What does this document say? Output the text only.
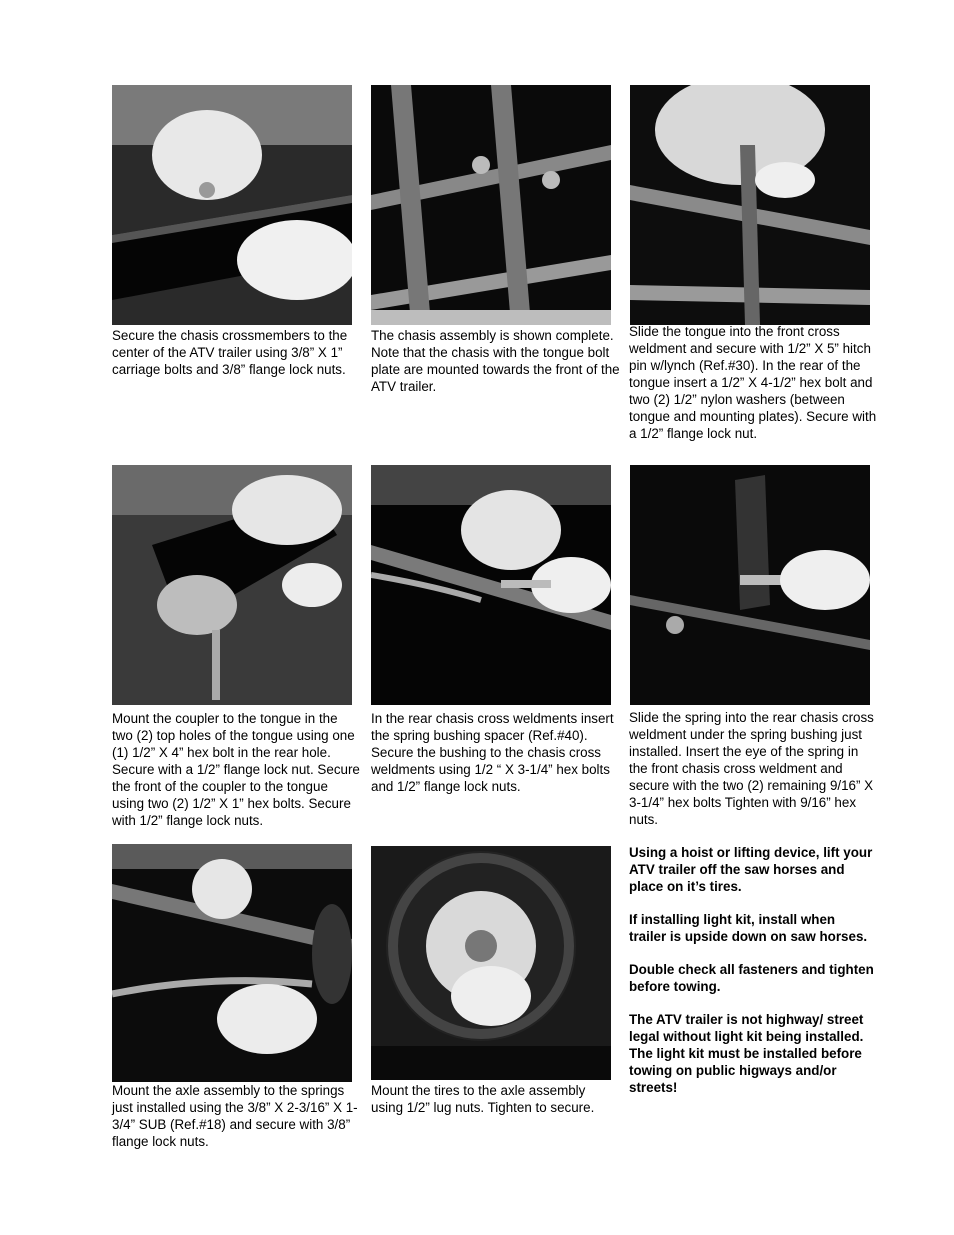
Secure the chasis crossmembers to the center of the ATV trailer using 3/8” X 1” carriage bolts and 3/8” flange lock nuts.

The chasis assembly is shown complete. Note that the chasis with the tongue bolt plate are mounted towards the front of the ATV trailer.

Slide the tongue into the front cross weldment and secure with 1/2” X 5” hitch pin w/lynch (Ref.#30). In the rear of the tongue insert a 1/2” X 4-1/2” hex bolt and two (2) 1/2” nylon washers (between tongue and mounting plates). Secure with a 1/2” flange lock nut.

Mount the coupler to the tongue in the two (2) top holes of the tongue using one (1) 1/2” X 4” hex bolt in the rear hole. Secure with a 1/2” flange lock nut. Secure the front of the coupler to the tongue using two (2) 1/2” X 1” hex bolts. Secure with 1/2” flange lock nuts.

In the rear chasis cross weldments insert the spring bushing spacer (Ref.#40). Secure the bushing to the chasis cross weldments using 1/2 “ X 3-1/4” hex bolts and 1/2” flange lock nuts.

Slide the spring into the rear chasis cross weldment under the spring bushing just installed. Insert the eye of the spring in the front chasis cross weldment and secure with the two (2) remaining 9/16” X 3-1/4” hex bolts Tighten with 9/16” hex nuts.

Mount the axle assembly to the springs just installed using the 3/8” X 2-3/16” X 1-3/4” SUB (Ref.#18) and secure with 3/8” flange lock nuts.

Mount the tires to the axle assembly using 1/2” lug nuts. Tighten to secure.

Using a hoist or lifting device, lift your ATV trailer off the saw horses and place on it’s tires.

If installing light kit, install when trailer is upside down on saw horses.

Double check all fasteners and tighten before towing.

The ATV trailer is not highway/ street legal without light kit being installed. The light kit must be installed before towing on public higways and/or streets!
